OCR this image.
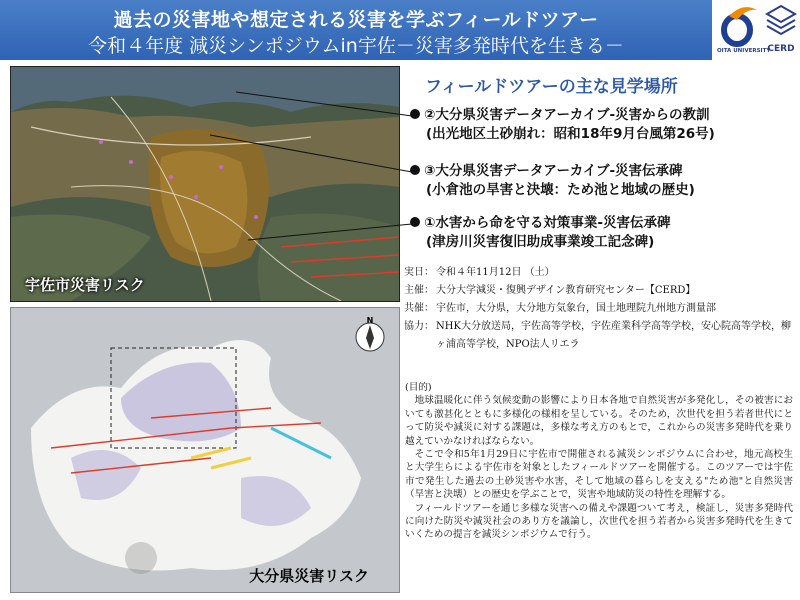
過去の災害地や想定される災害を学ぶフィールドツアー
令和４年度 減災シンポジウムin宇佐－災害多発時代を生きる－	OITA UNIVERSITY
CERD
宇佐市災害リスク
N
大分県災害リスク
フィールドツアーの主な見学場所
②大分県災害データアーカイブ-災害からの教訓
(出光地区土砂崩れ：昭和18年9月台風第26号)
③大分県災害データアーカイブ-災害伝承碑
(小倉池の旱害と決壊：ため池と地域の歴史)
①水害から命を守る対策事業-災害伝承碑
(津房川災害復旧助成事業竣工記念碑)
実日： 令和４年11月12日 （土）
主催： 大分大学減災・復興デザイン教育研究センター【CERD】
共催： 宇佐市，大分県，大分地方気象台，国土地理院九州地方測量部
協力： NHK大分放送局，宇佐高等学校，宇佐産業科学高等学校，安心院高等学校，柳ヶ浦高等学校，NPO法人リエラ

(目的)

地球温暖化に伴う気候変動の影響により日本各地で自然災害が多発化し，その被害においても激甚化とともに多様化の様相を呈している。そのため，次世代を担う若者世代にとって防災や減災に対する課題は，多様な考え方のもとで，これからの災害多発時代を乗り越えていかなければならない。

そこで令和5年1月29日に宇佐市で開催される減災シンポジウムに合わせ，地元高校生と大学生らによる宇佐市を対象としたフィールドツアーを開催する。このツアーでは宇佐市で発生した過去の土砂災害や水害，そして地域の暮らしを支える"ため池"と自然災害（旱害と決壊）との歴史を学ぶことで，災害や地域防災の特性を理解する。

フィールドツアーを通じ多様な災害への備えや課題ついて考え，検証し，災害多発時代に向けた防災や減災社会のあり方を議論し，次世代を担う若者から災害多発時代を生きていくための提言を減災シンポジウムで行う。
